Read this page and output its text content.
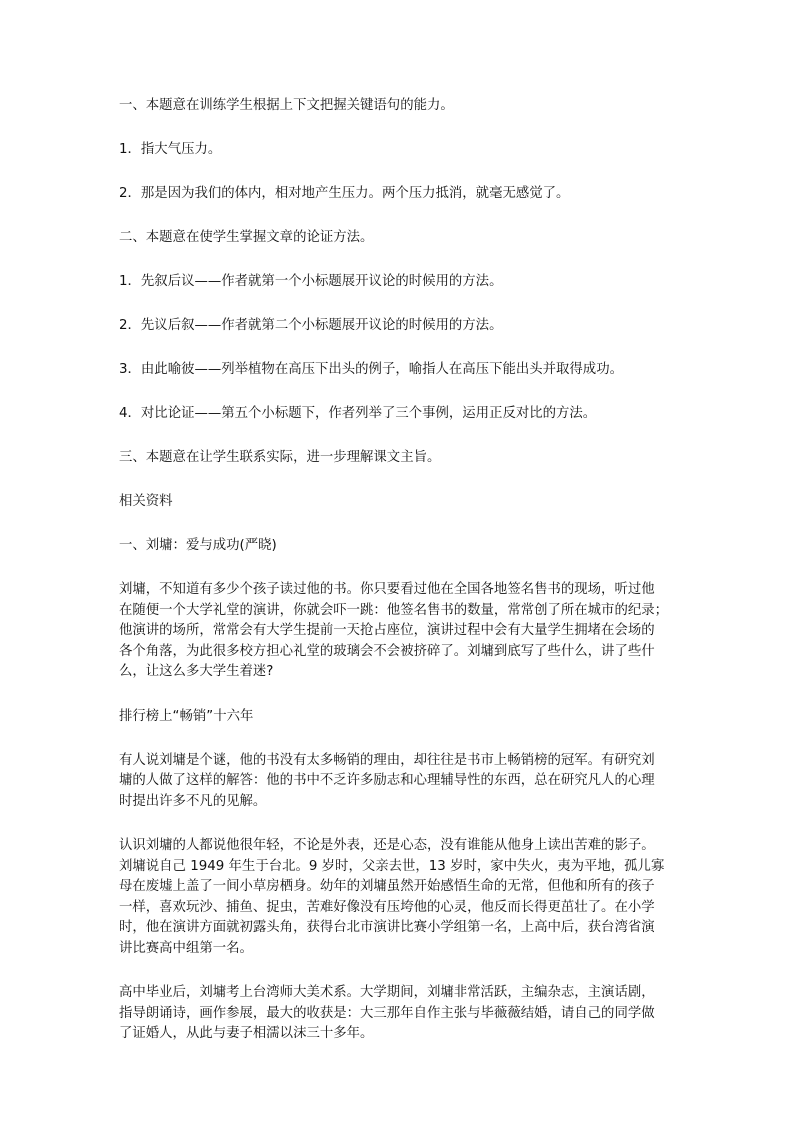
一、本题意在训练学生根据上下文把握关键语句的能力。

1．指大气压力。

2．那是因为我们的体内，相对地产生压力。两个压力抵消，就毫无感觉了。

二、本题意在使学生掌握文章的论证方法。

1．先叙后议——作者就第一个小标题展开议论的时候用的方法。

2．先议后叙——作者就第二个小标题展开议论的时候用的方法。

3．由此喻彼——列举植物在高压下出头的例子，喻指人在高压下能出头并取得成功。

4．对比论证——第五个小标题下，作者列举了三个事例，运用正反对比的方法。

三、本题意在让学生联系实际，进一步理解课文主旨。

相关资料

一、刘墉：爱与成功(严晓)

刘墉，不知道有多少个孩子读过他的书。你只要看过他在全国各地签名售书的现场，听过他
在随便一个大学礼堂的演讲，你就会吓一跳：他签名售书的数量，常常创了所在城市的纪录；
他演讲的场所，常常会有大学生提前一天抢占座位，演讲过程中会有大量学生拥堵在会场的
各个角落，为此很多校方担心礼堂的玻璃会不会被挤碎了。刘墉到底写了些什么，讲了些什
么，让这么多大学生着迷?

排行榜上“畅销”十六年

有人说刘墉是个谜，他的书没有太多畅销的理由，却往往是书市上畅销榜的冠军。有研究刘
墉的人做了这样的解答：他的书中不乏许多励志和心理辅导性的东西，总在研究凡人的心理
时提出许多不凡的见解。
认识刘墉的人都说他很年轻，不论是外表，还是心态，没有谁能从他身上读出苦难的影子。
刘墉说自己 1949 年生于台北。9 岁时，父亲去世，13 岁时，家中失火，夷为平地，孤儿寡
母在废墟上盖了一间小草房栖身。幼年的刘墉虽然开始感悟生命的无常，但他和所有的孩子
一样，喜欢玩沙、捕鱼、捉虫，苦难好像没有压垮他的心灵，他反而长得更茁壮了。在小学
时，他在演讲方面就初露头角，获得台北市演讲比赛小学组第一名，上高中后，获台湾省演
讲比赛高中组第一名。
高中毕业后，刘墉考上台湾师大美术系。大学期间，刘墉非常活跃，主编杂志，主演话剧，
指导朗诵诗，画作参展，最大的收获是：大三那年自作主张与毕薇薇结婚，请自己的同学做
了证婚人，从此与妻子相濡以沫三十多年。
